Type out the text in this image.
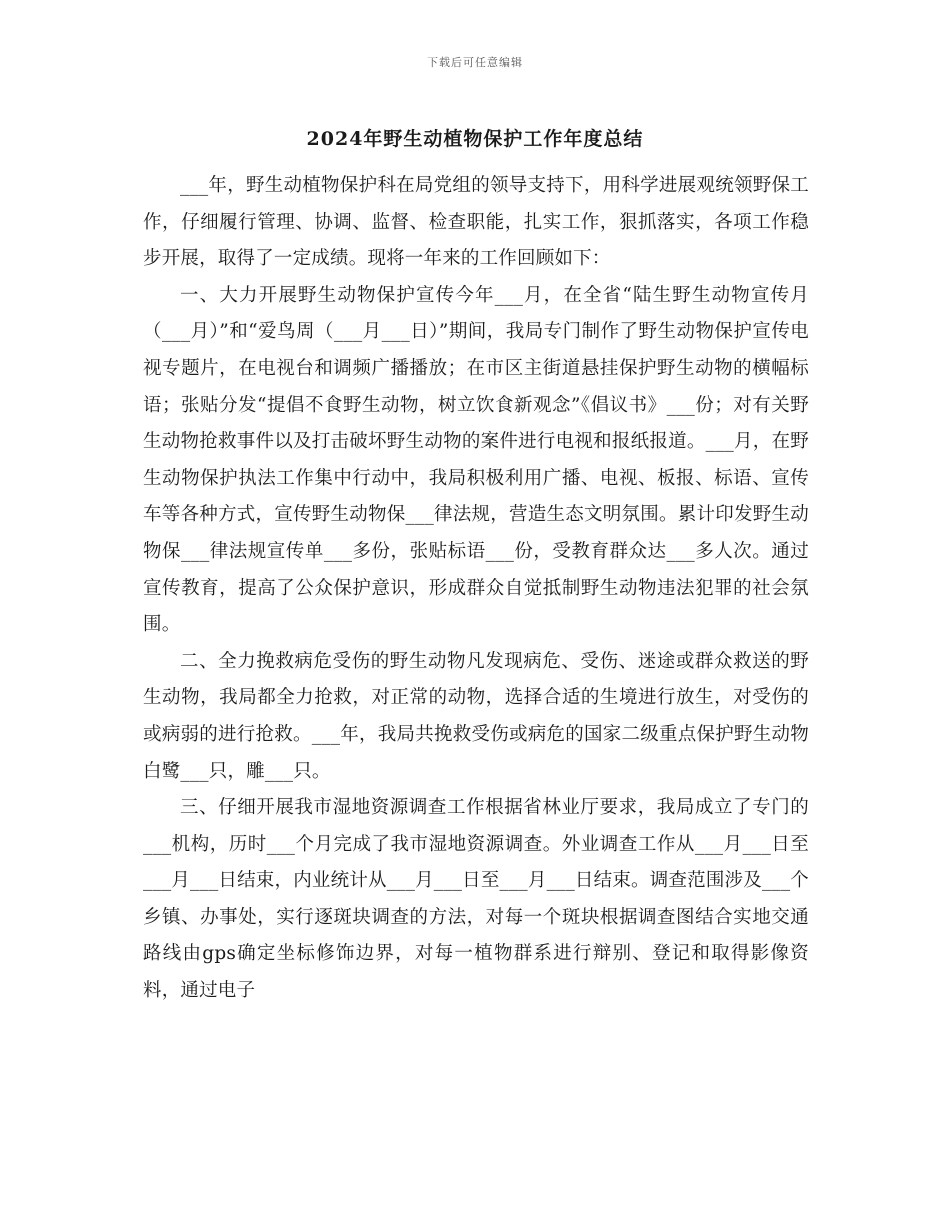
下载后可任意编辑
2024年野生动植物保护工作年度总结

___年，野生动植物保护科在局党组的领导支持下，用科学进展观统领野保工作，仔细履行管理、协调、监督、检查职能，扎实工作，狠抓落实，各项工作稳步开展，取得了一定成绩。现将一年来的工作回顾如下：

一、大力开展野生动物保护宣传今年___月，在全省“陆生野生动物宣传月（___月）”和“爱鸟周（___月___日）”期间，我局专门制作了野生动物保护宣传电视专题片，在电视台和调频广播播放；在市区主街道悬挂保护野生动物的横幅标语；张贴分发“提倡不食野生动物，树立饮食新观念”《倡议书》___份；对有关野生动物抢救事件以及打击破坏野生动物的案件进行电视和报纸报道。___月，在野生动物保护执法工作集中行动中，我局积极利用广播、电视、板报、标语、宣传车等各种方式，宣传野生动物保___律法规，营造生态文明氛围。累计印发野生动物保___律法规宣传单___多份，张贴标语___份，受教育群众达___多人次。通过宣传教育，提高了公众保护意识，形成群众自觉抵制野生动物违法犯罪的社会氛围。

二、全力挽救病危受伤的野生动物凡发现病危、受伤、迷途或群众救送的野生动物，我局都全力抢救，对正常的动物，选择合适的生境进行放生，对受伤的或病弱的进行抢救。___年，我局共挽救受伤或病危的国家二级重点保护野生动物白鹭___只，雕___只。

三、仔细开展我市湿地资源调查工作根据省林业厅要求，我局成立了专门的___机构，历时___个月完成了我市湿地资源调查。外业调查工作从___月___日至___月___日结束，内业统计从___月___日至___月___日结束。调查范围涉及___个乡镇、办事处，实行逐斑块调查的方法，对每一个斑块根据调查图结合实地交通路线由gps确定坐标修饰边界，对每一植物群系进行辩别、登记和取得影像资料，通过电子
